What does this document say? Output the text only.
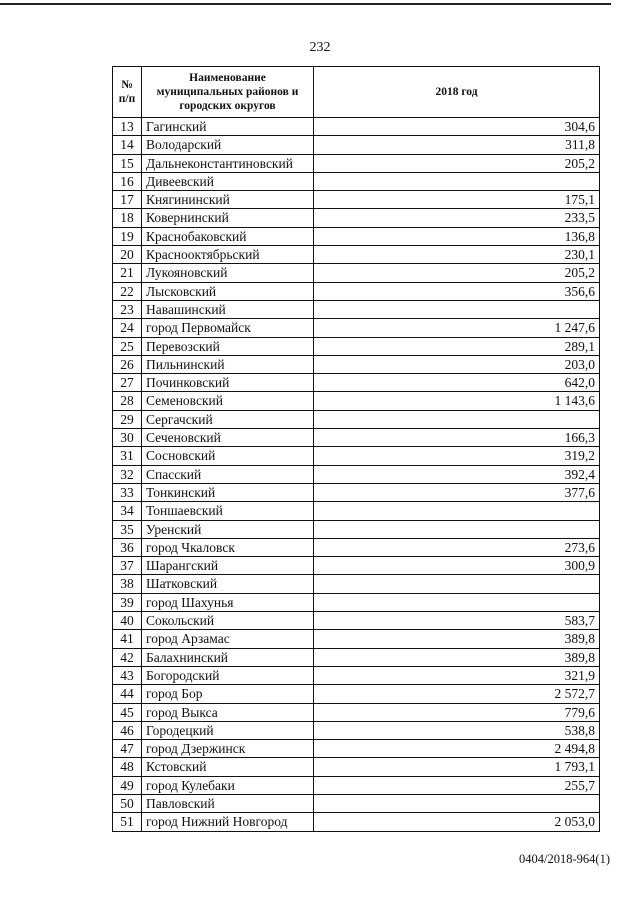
232
№ п/п	Наименование муниципальных районов и городских округов	2018 год
13	Гагинский	304,6
14	Володарский	311,8
15	Дальнеконстантиновский	205,2
16	Дивеевский	
17	Княгининский	175,1
18	Ковернинский	233,5
19	Краснобаковский	136,8
20	Краснооктябрьский	230,1
21	Лукояновский	205,2
22	Лысковский	356,6
23	Навашинский	
24	город Первомайск	1 247,6
25	Перевозский	289,1
26	Пильнинский	203,0
27	Починковский	642,0
28	Семеновский	1 143,6
29	Сергачский	
30	Сеченовский	166,3
31	Сосновский	319,2
32	Спасский	392,4
33	Тонкинский	377,6
34	Тоншаевский	
35	Уренский	
36	город Чкаловск	273,6
37	Шарангский	300,9
38	Шатковский	
39	город Шахунья	
40	Сокольский	583,7
41	город Арзамас	389,8
42	Балахнинский	389,8
43	Богородский	321,9
44	город Бор	2 572,7
45	город Выкса	779,6
46	Городецкий	538,8
47	город Дзержинск	2 494,8
48	Кстовский	1 793,1
49	город Кулебаки	255,7
50	Павловский	
51	город Нижний Новгород	2 053,0
0404/2018-964(1)
